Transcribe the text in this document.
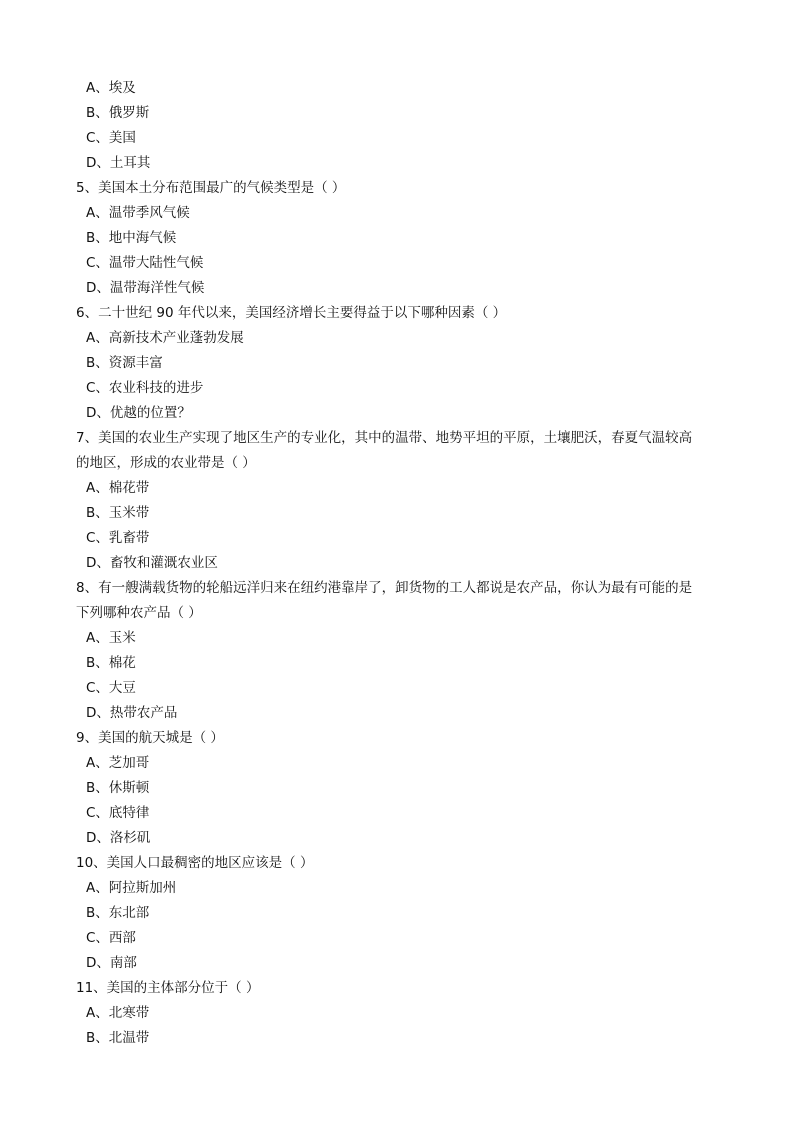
A、埃及
B、俄罗斯
C、美国
D、土耳其
5、美国本土分布范围最广的气候类型是（ ）
A、温带季风气候
B、地中海气候
C、温带大陆性气候
D、温带海洋性气候
6、二十世纪 90 年代以来，美国经济增长主要得益于以下哪种因素（ ）
A、高新技术产业蓬勃发展
B、资源丰富
C、农业科技的进步
D、优越的位置？
7、美国的农业生产实现了地区生产的专业化，其中的温带、地势平坦的平原，土壤肥沃，春夏气温较高
的地区，形成的农业带是（ ）
A、棉花带
B、玉米带
C、乳畜带
D、畜牧和灌溉农业区
8、有一艘满载货物的轮船远洋归来在纽约港靠岸了，卸货物的工人都说是农产品，你认为最有可能的是
下列哪种农产品（ ）
A、玉米
B、棉花
C、大豆
D、热带农产品
9、美国的航天城是（ ）
A、芝加哥
B、休斯顿
C、底特律
D、洛杉矶
10、美国人口最稠密的地区应该是（ ）
A、阿拉斯加州
B、东北部
C、西部
D、南部
11、美国的主体部分位于（ ）
A、北寒带
B、北温带
